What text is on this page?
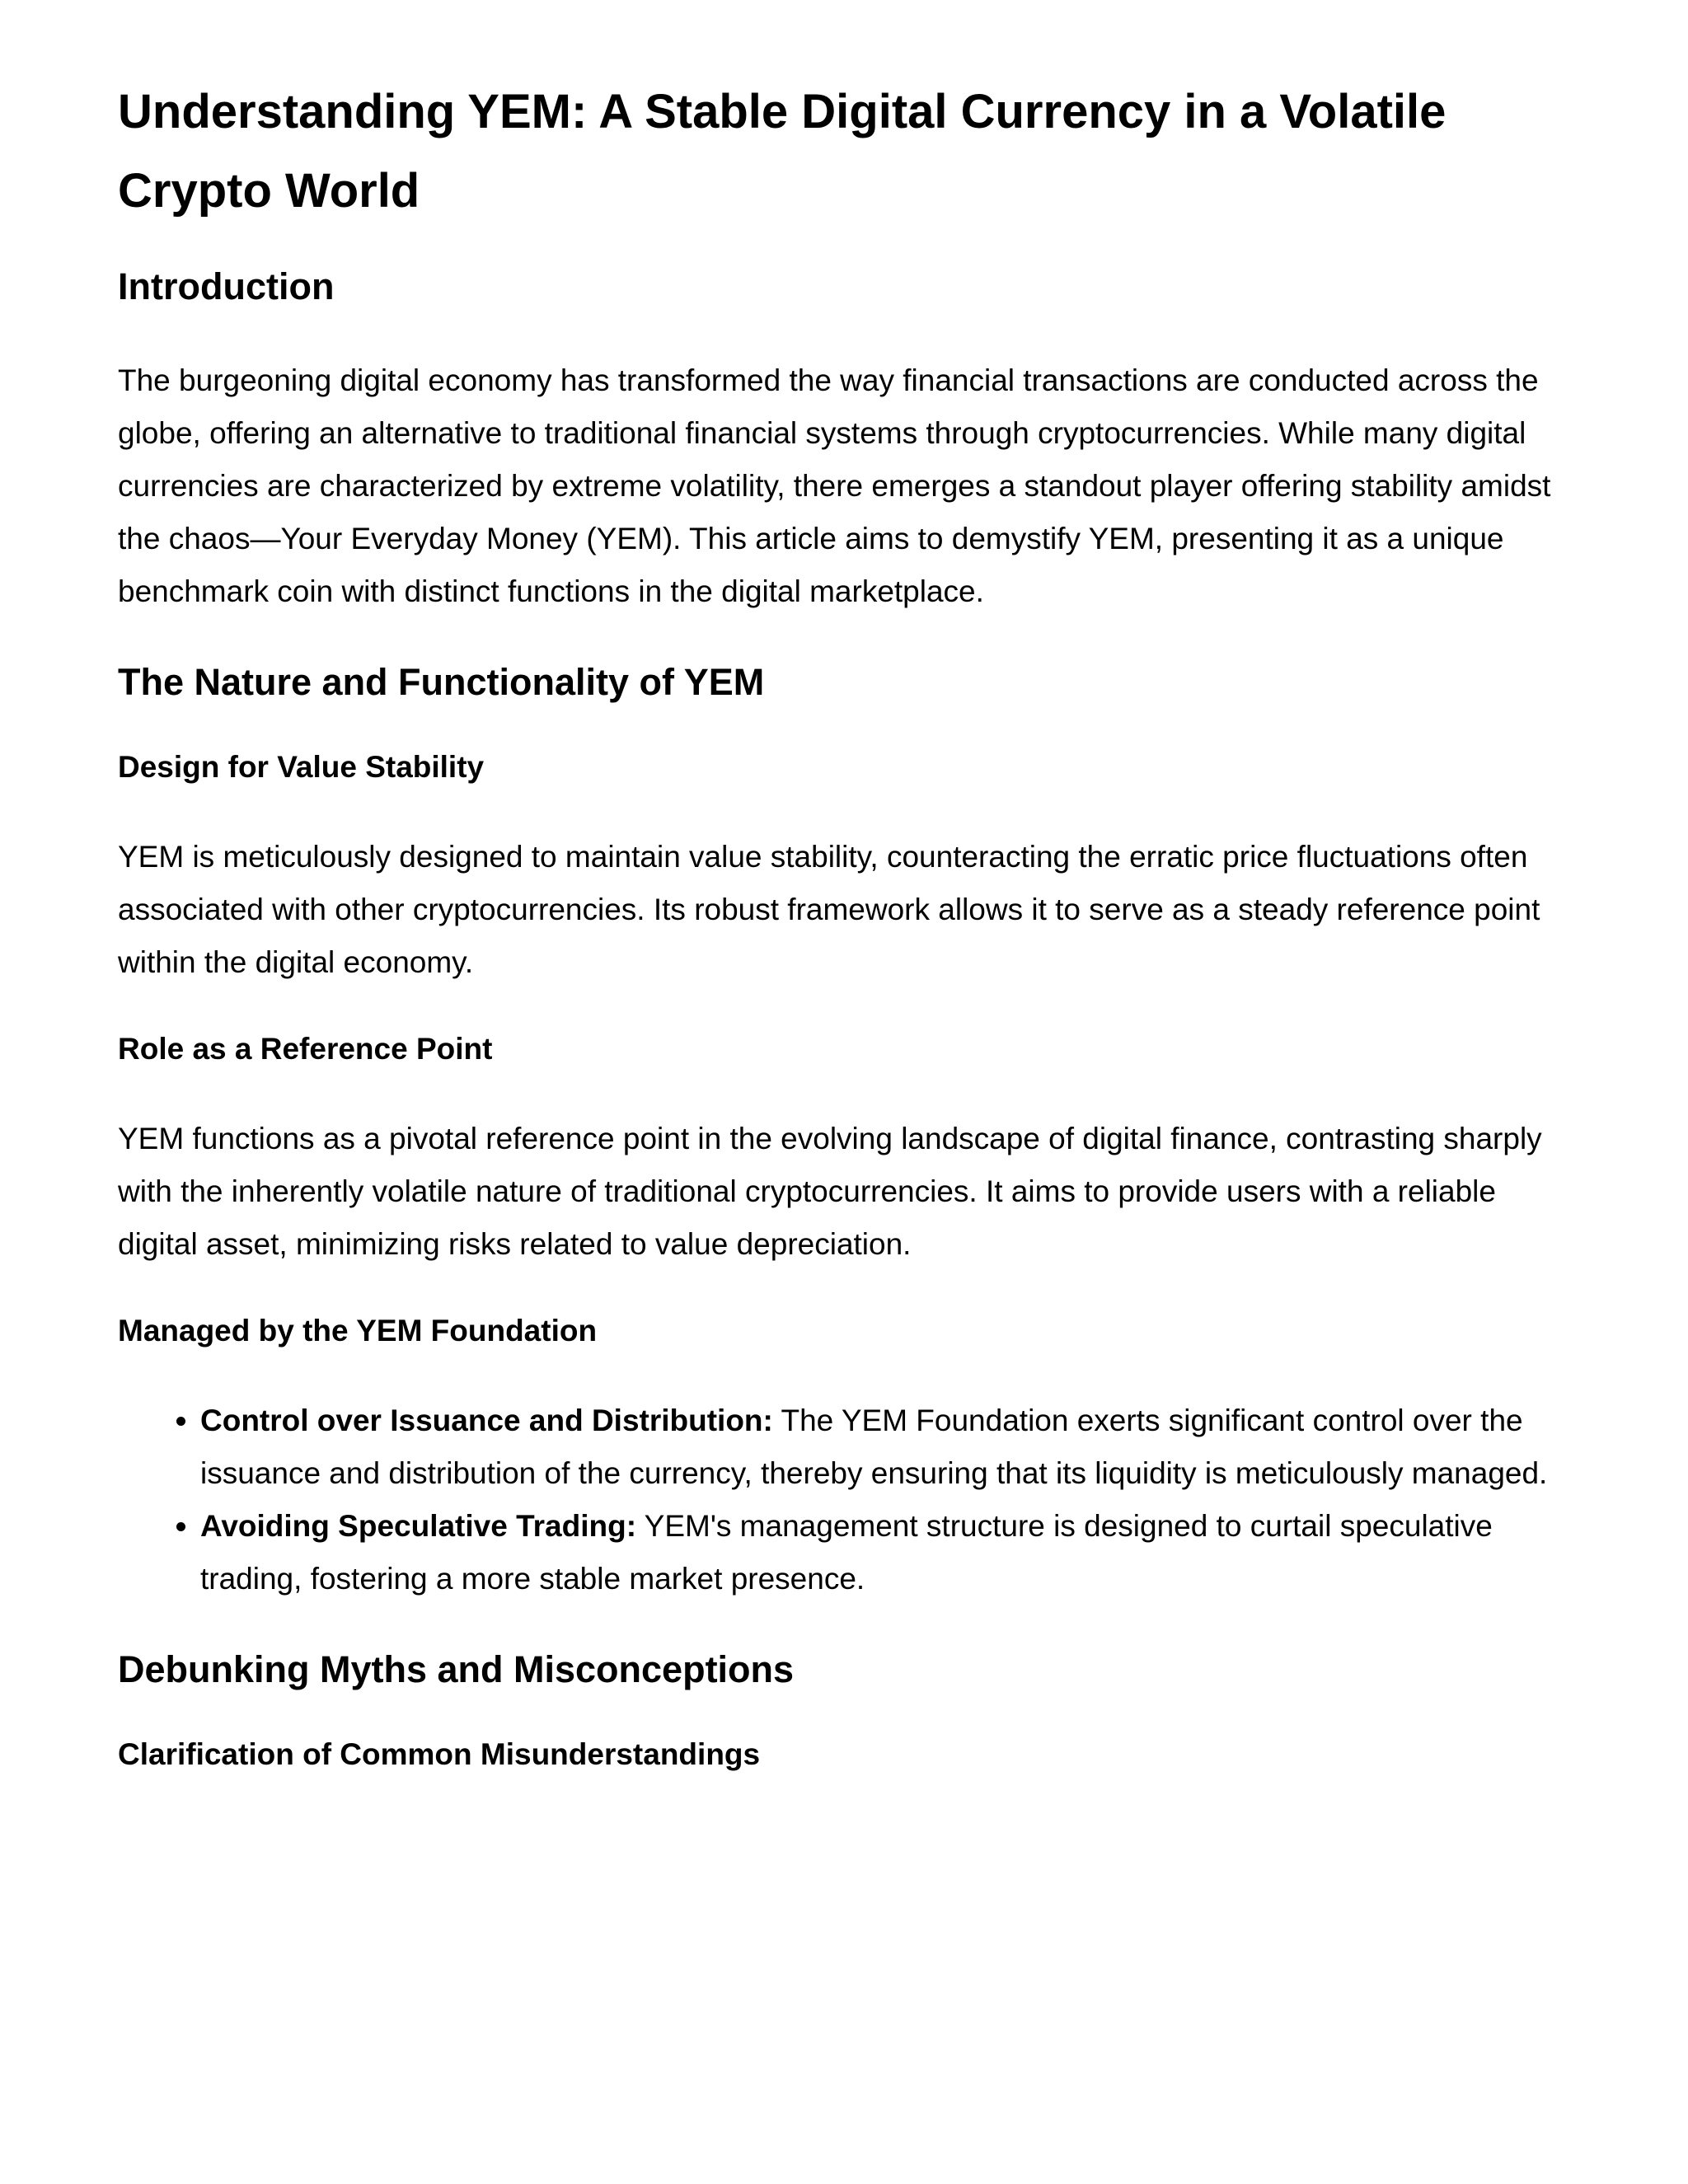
Understanding YEM: A Stable Digital Currency in a Volatile Crypto World
Introduction

The burgeoning digital economy has transformed the way financial transactions are conducted across the globe, offering an alternative to traditional financial systems through cryptocurrencies. While many digital currencies are characterized by extreme volatility, there emerges a standout player offering stability amidst the chaos—Your Everyday Money (YEM). This article aims to demystify YEM, presenting it as a unique benchmark coin with distinct functions in the digital marketplace.

The Nature and Functionality of YEM
Design for Value Stability

YEM is meticulously designed to maintain value stability, counteracting the erratic price fluctuations often associated with other cryptocurrencies. Its robust framework allows it to serve as a steady reference point within the digital economy.

Role as a Reference Point

YEM functions as a pivotal reference point in the evolving landscape of digital finance, contrasting sharply with the inherently volatile nature of traditional cryptocurrencies. It aims to provide users with a reliable digital asset, minimizing risks related to value depreciation.

Managed by the YEM Foundation
• Control over Issuance and Distribution: The YEM Foundation exerts significant control over the issuance and distribution of the currency, thereby ensuring that its liquidity is meticulously managed.
• Avoiding Speculative Trading: YEM's management structure is designed to curtail speculative trading, fostering a more stable market presence.
Debunking Myths and Misconceptions
Clarification of Common Misunderstandings
